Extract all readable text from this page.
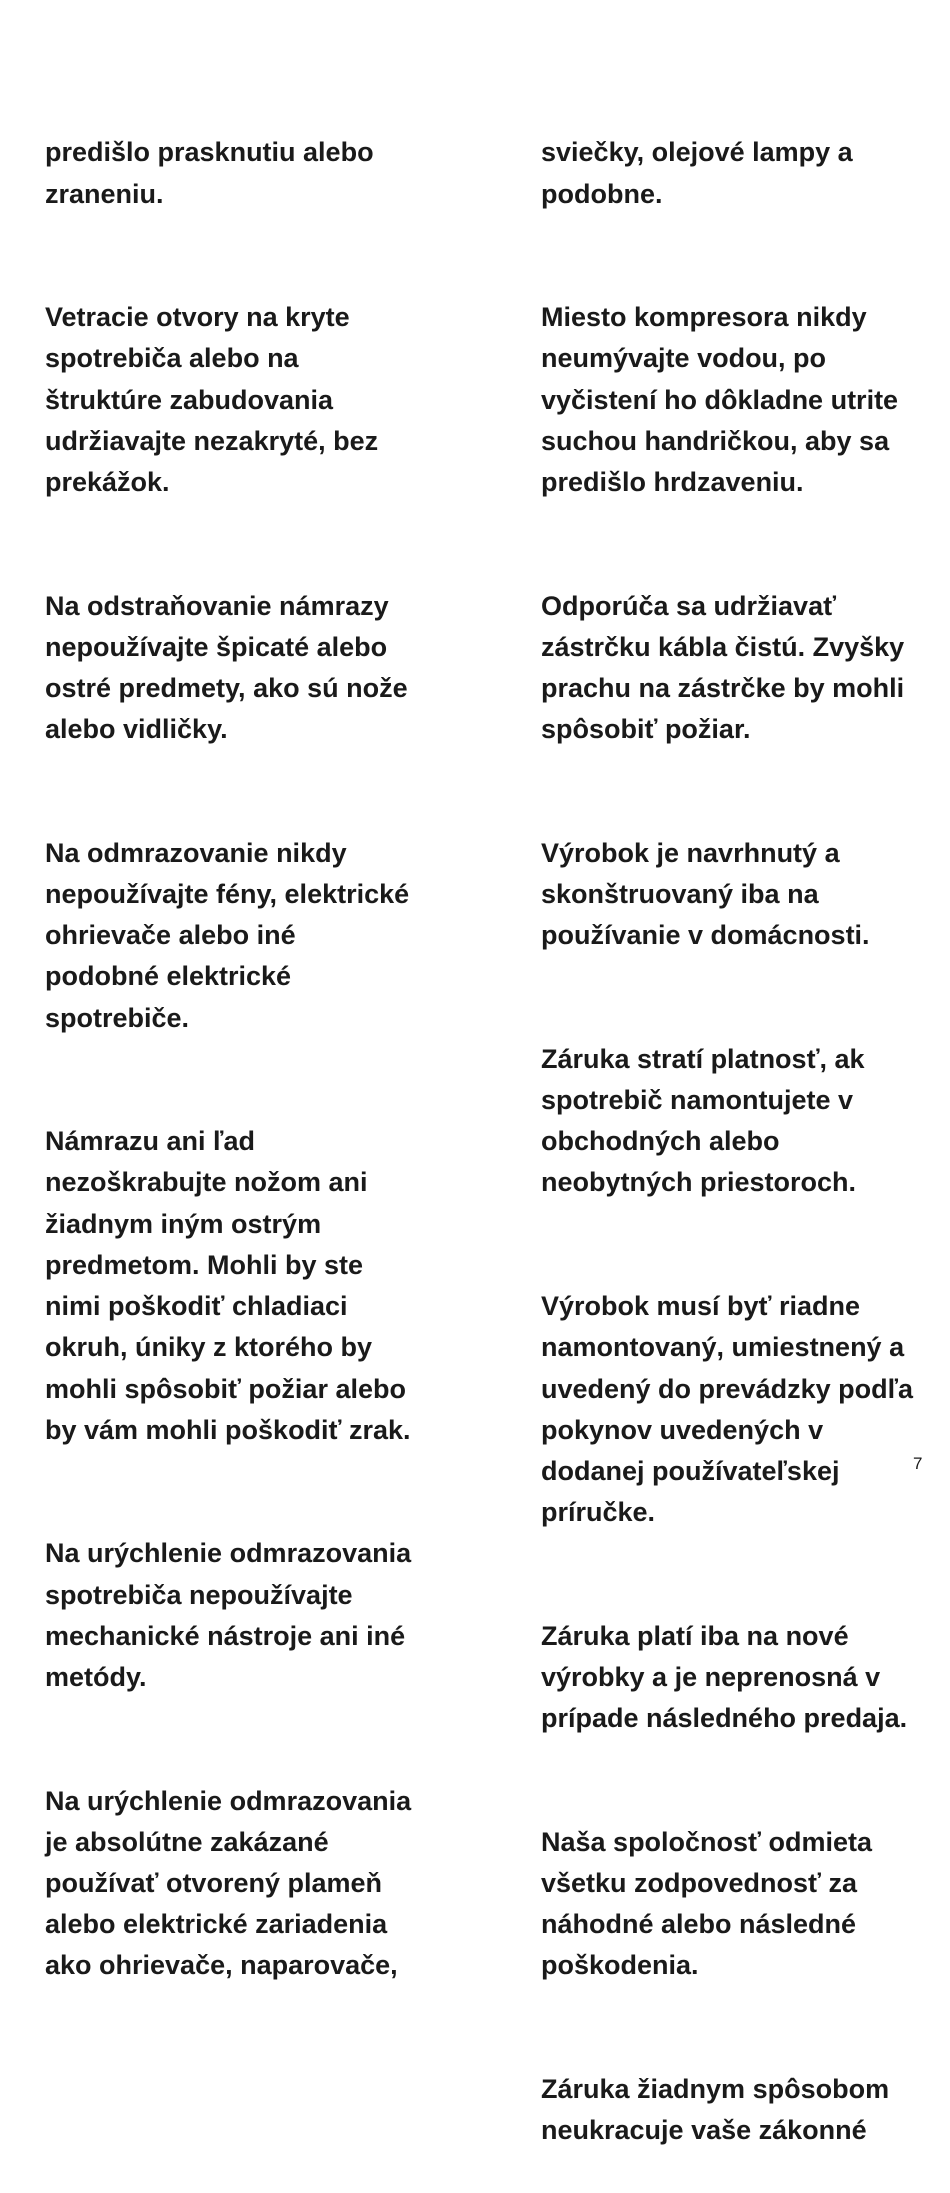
predišlo prasknutiu alebo
zraneniu.

Vetracie otvory na kryte
spotrebiča alebo na
štruktúre zabudovania
udržiavajte nezakryté, bez
prekážok.

Na odstraňovanie námrazy
nepoužívajte špicaté alebo
ostré predmety, ako sú nože
alebo vidličky.

Na odmrazovanie nikdy
nepoužívajte fény, elektrické
ohrievače alebo iné
podobné elektrické
spotrebiče.

Námrazu ani ľad
nezoškrabujte nožom ani
žiadnym iným ostrým
predmetom. Mohli by ste
nimi poškodiť chladiaci
okruh, úniky z ktorého by
mohli spôsobiť požiar alebo
by vám mohli poškodiť zrak.

Na urýchlenie odmrazovania
spotrebiča nepoužívajte
mechanické nástroje ani iné
metódy.

Na urýchlenie odmrazovania
je absolútne zakázané
používať otvorený plameň
alebo elektrické zariadenia
ako ohrievače, naparovače,

sviečky, olejové lampy a
podobne.

Miesto kompresora nikdy
neumývajte vodou, po
vyčistení ho dôkladne utrite
suchou handričkou, aby sa
predišlo hrdzaveniu.

Odporúča sa udržiavať
zástrčku kábla čistú. Zvyšky
prachu na zástrčke by mohli
spôsobiť požiar.

Výrobok je navrhnutý a
skonštruovaný iba na
používanie v domácnosti.

Záruka stratí platnosť, ak
spotrebič namontujete v
obchodných alebo
neobytných priestoroch.

Výrobok musí byť riadne
namontovaný, umiestnený a
uvedený do prevádzky podľa
pokynov uvedených v
dodanej používateľskej
príručke.

Záruka platí iba na nové
výrobky a je neprenosná v
prípade následného predaja.

Naša spoločnosť odmieta
všetku zodpovednosť za
náhodné alebo následné
poškodenia.

Záruka žiadnym spôsobom
neukracuje vaše zákonné

7
